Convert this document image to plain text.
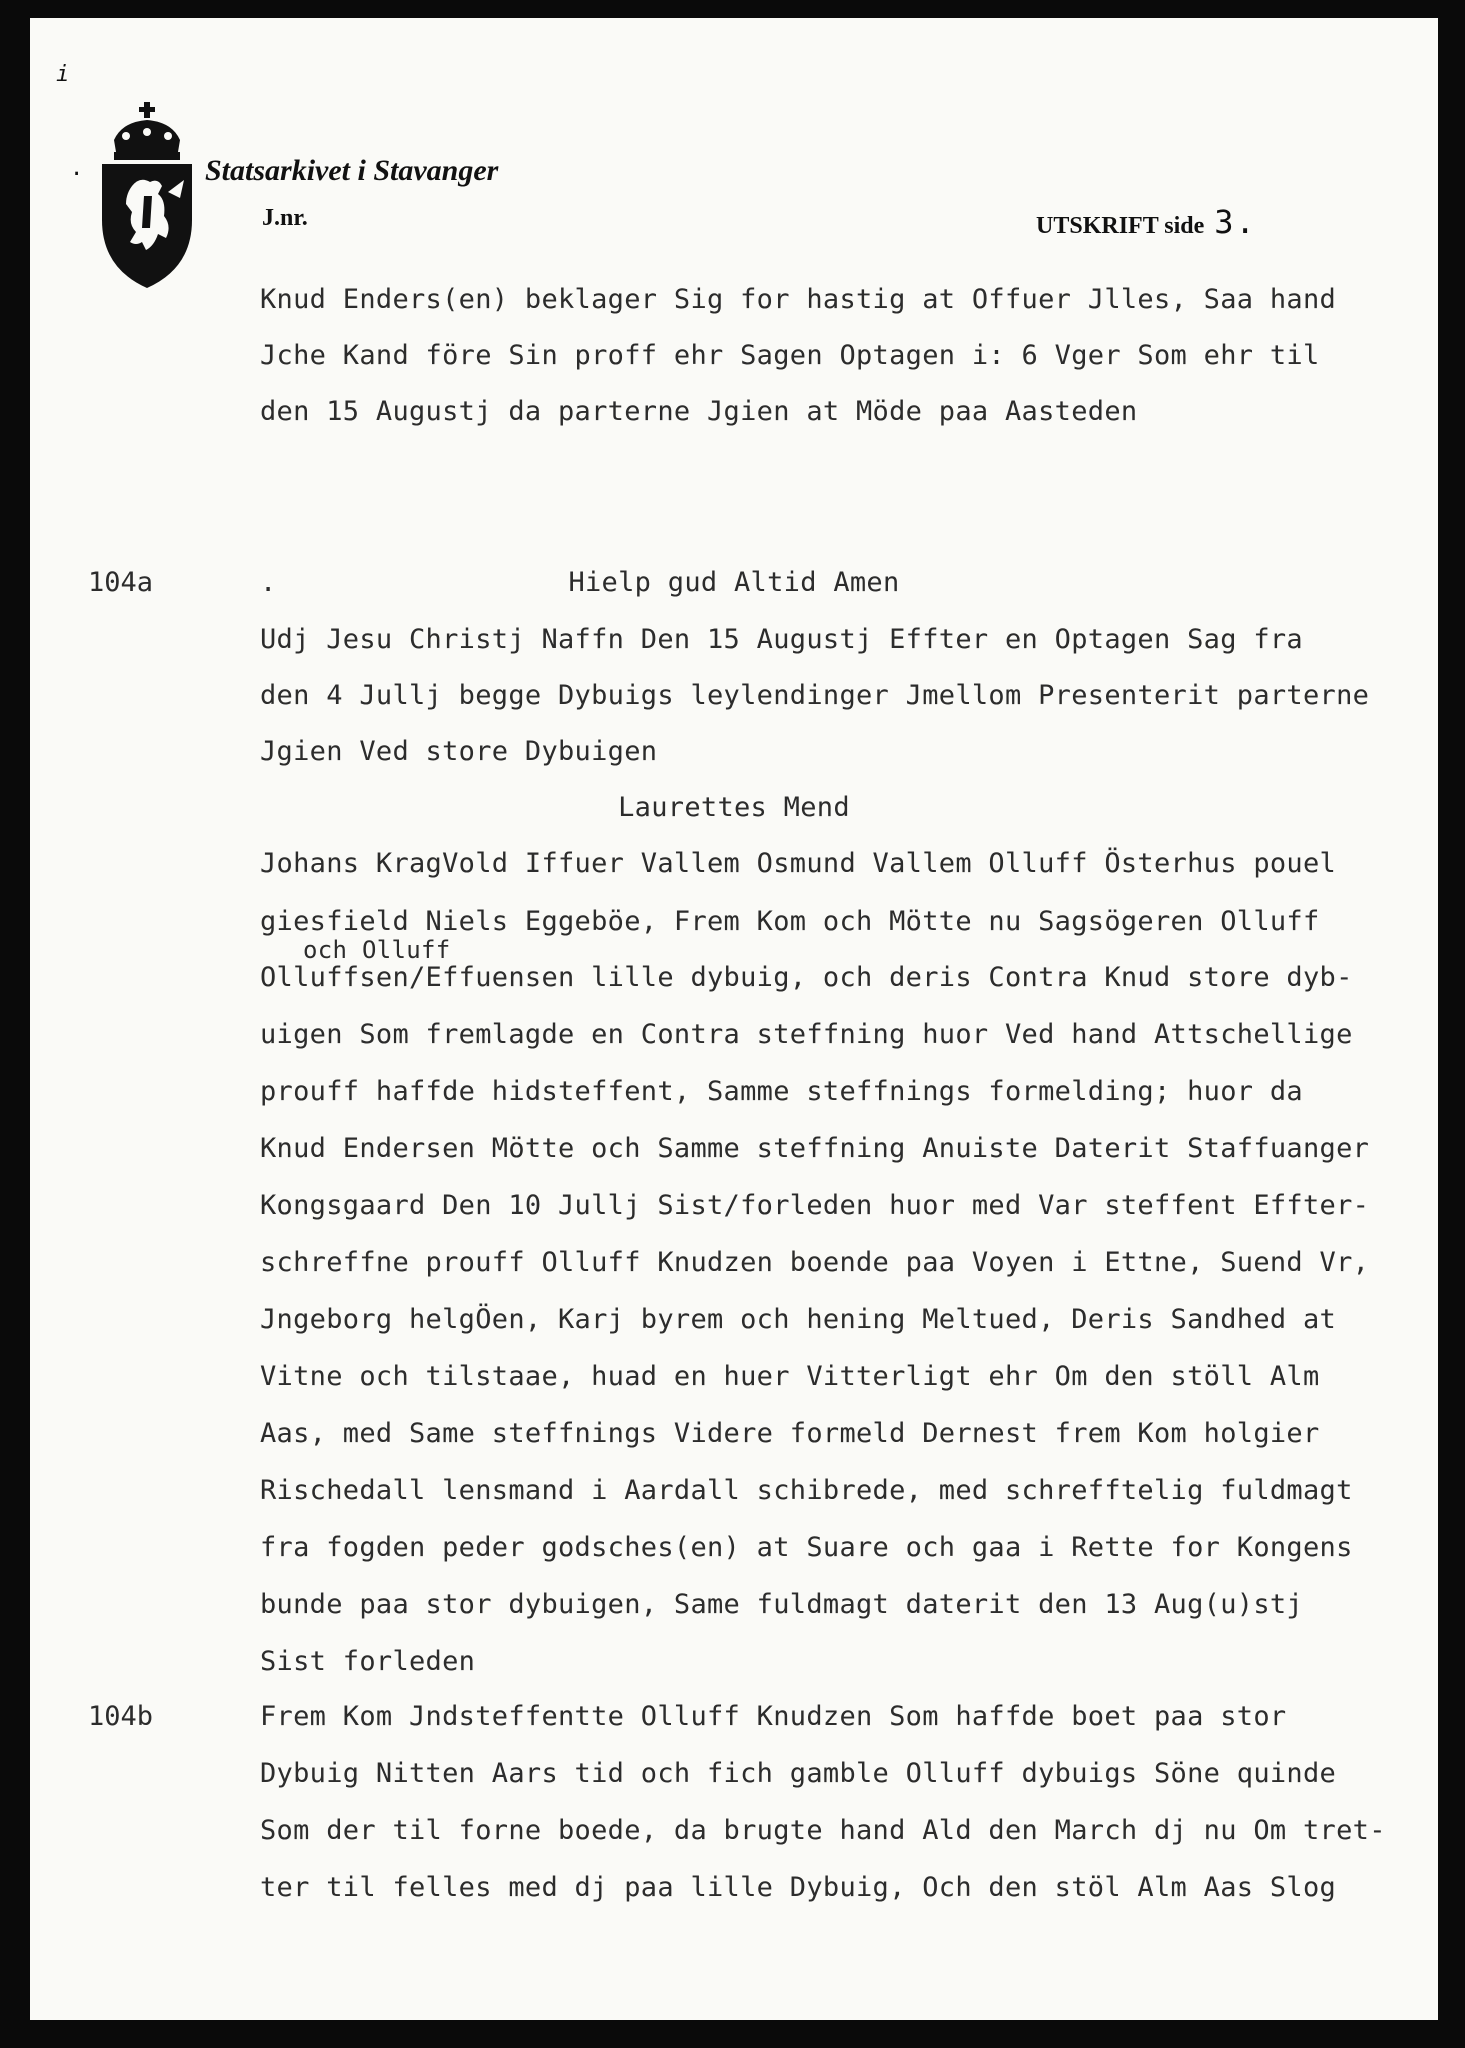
i
.	Statsarkivet i Stavanger
J.nr.	UTSKRIFT side 3.
Knud Enders(en) beklager Sig for hastig at Offuer Jlles, Saa hand
Jche Kand före Sin proff ehr Sagen Optagen i: 6 Vger Som ehr til
den 15 Augustj da parterne Jgien at Möde paa Aasteden
104a	.	Hielp gud Altid Amen
Udj Jesu Christj Naffn Den 15 Augustj Effter en Optagen Sag fra
den 4 Jullj begge Dybuigs leylendinger Jmellom Presenterit parterne
Jgien Ved store Dybuigen
Laurettes Mend
Johans KragVold Iffuer Vallem Osmund Vallem Olluff Österhus pouel
giesfield Niels Eggeböe, Frem Kom och Mötte nu Sagsögeren Olluff
och Olluff
Olluffsen/Effuensen lille dybuig, och deris Contra Knud store dyb-
uigen Som fremlagde en Contra steffning huor Ved hand Attschellige
prouff haffde hidsteffent, Samme steffnings formelding; huor da
Knud Endersen Mötte och Samme steffning Anuiste Daterit Staffuanger
Kongsgaard Den 10 Jullj Sist/forleden huor med Var steffent Effter-
schreffne prouff Olluff Knudzen boende paa Voyen i Ettne, Suend Vr,
Jngeborg helgÖen, Karj byrem och hening Meltued, Deris Sandhed at
Vitne och tilstaae, huad en huer Vitterligt ehr Om den stöll Alm
Aas, med Same steffnings Videre formeld Dernest frem Kom holgier
Rischedall lensmand i Aardall schibrede, med schrefftelig fuldmagt
fra fogden peder godsches(en) at Suare och gaa i Rette for Kongens
bunde paa stor dybuigen, Same fuldmagt daterit den 13 Aug(u)stj
Sist forleden
104b	Frem Kom Jndsteffentte Olluff Knudzen Som haffde boet paa stor
Dybuig Nitten Aars tid och fich gamble Olluff dybuigs Söne quinde
Som der til forne boede, da brugte hand Ald den March dj nu Om tret-
ter til felles med dj paa lille Dybuig, Och den stöl Alm Aas Slog
